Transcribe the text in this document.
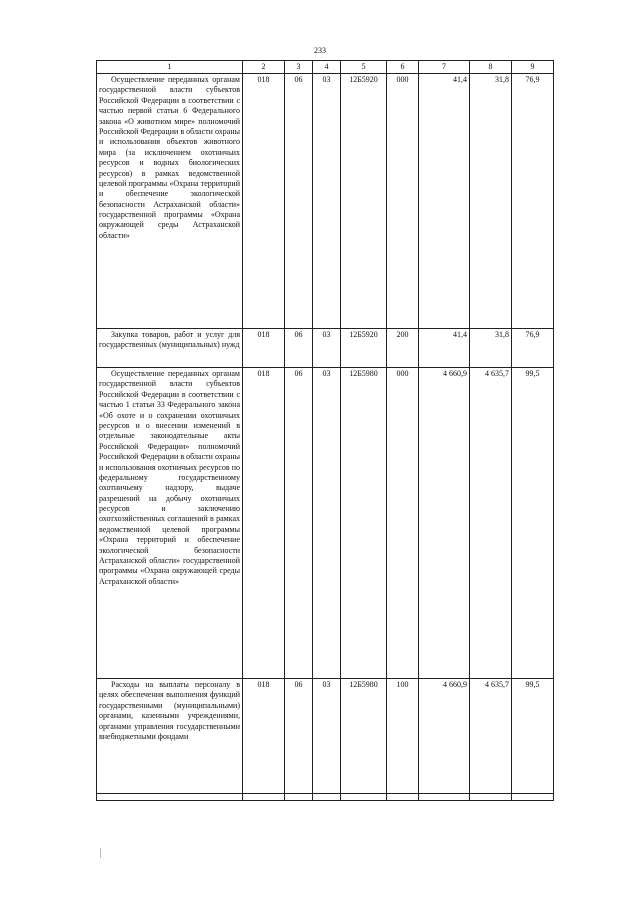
233
1	2	3	4	5	6	7	8	9
Осуществление переданных органам государственной власти субъектов Российской Федерации в соответствии с частью первой статьи 6 Федерального закона «О животном мире» полномочий Российской Федерации в области охраны и использования объектов животного мира (за исключением охотничьих ресурсов и водных биологических ресурсов) в рамках ведомственной целевой программы «Охрана территорий и обеспечение экологической безопасности Астраханской области» государственной программы «Охрана окружающей среды Астраханской области»	018	06	03	12Б5920	000	41,4	31,8	76,9
Закупка товаров, работ и услуг для государственных (муниципальных) нужд	018	06	03	12Б5920	200	41,4	31,8	76,9
Осуществление переданных органам государственной власти субъектов Российской Федерации в соответствии с частью 1 статьи 33 Федерального закона «Об охоте и о сохранении охотничьих ресурсов и о внесении изменений в отдельные законодательные акты Российской Федерации» полномочий Российской Федерации в области охраны и использования охотничьих ресурсов по федеральному государственному охотничьему надзору, выдаче разрешений на добычу охотничьих ресурсов и заключению охотхозяйственных соглашений в рамках ведомственной целевой программы «Охрана территорий и обеспечение экологической безопасности Астраханской области» государственной программы «Охрана окружающей среды Астраханской области»	018	06	03	12Б5980	000	4 660,9	4 635,7	99,5
Расходы на выплаты персоналу в целях обеспечения выполнения функций государственными (муниципальными) органами, казенными учреждениями, органами управления государственными внебюджетными фондами	018	06	03	12Б5980	100	4 660,9	4 635,7	99,5
